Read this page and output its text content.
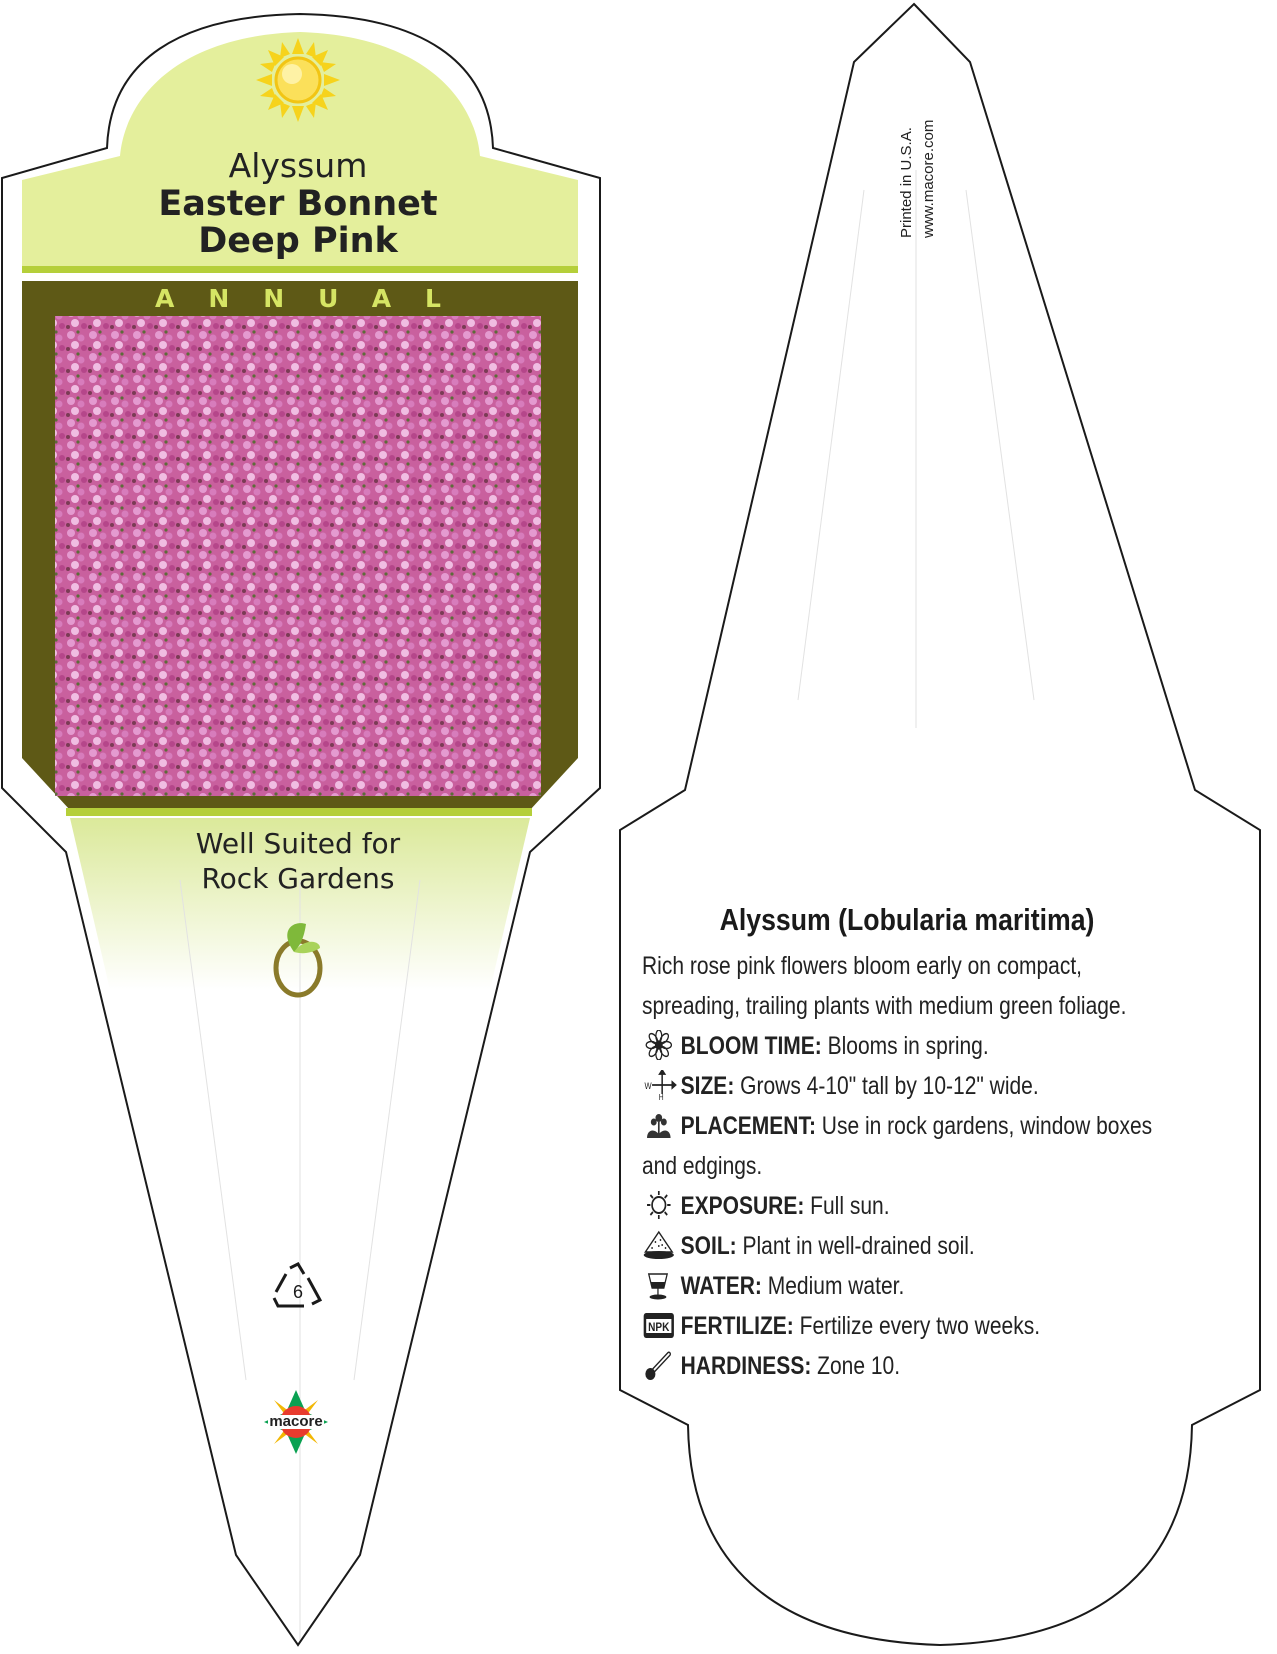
Alyssum
Easter Bonnet
Deep Pink
ANNUAL
Well Suited for
Rock Gardens
6
macore
Printed in U.S.A. www.macore.com
Alyssum (Lobularia maritima)

Rich rose pink flowers bloom early on compact, spreading, trailing plants with medium green foliage.

BLOOM TIME: Blooms in spring.
W
H SIZE: Grows 4-10" tall by 10-12" wide.
PLACEMENT: Use in rock gardens, window boxes and edgings.
EXPOSURE: Full sun.
SOIL: Plant in well-drained soil.
WATER: Medium water.
NPK FERTILIZE: Fertilize every two weeks.
HARDINESS: Zone 10.
